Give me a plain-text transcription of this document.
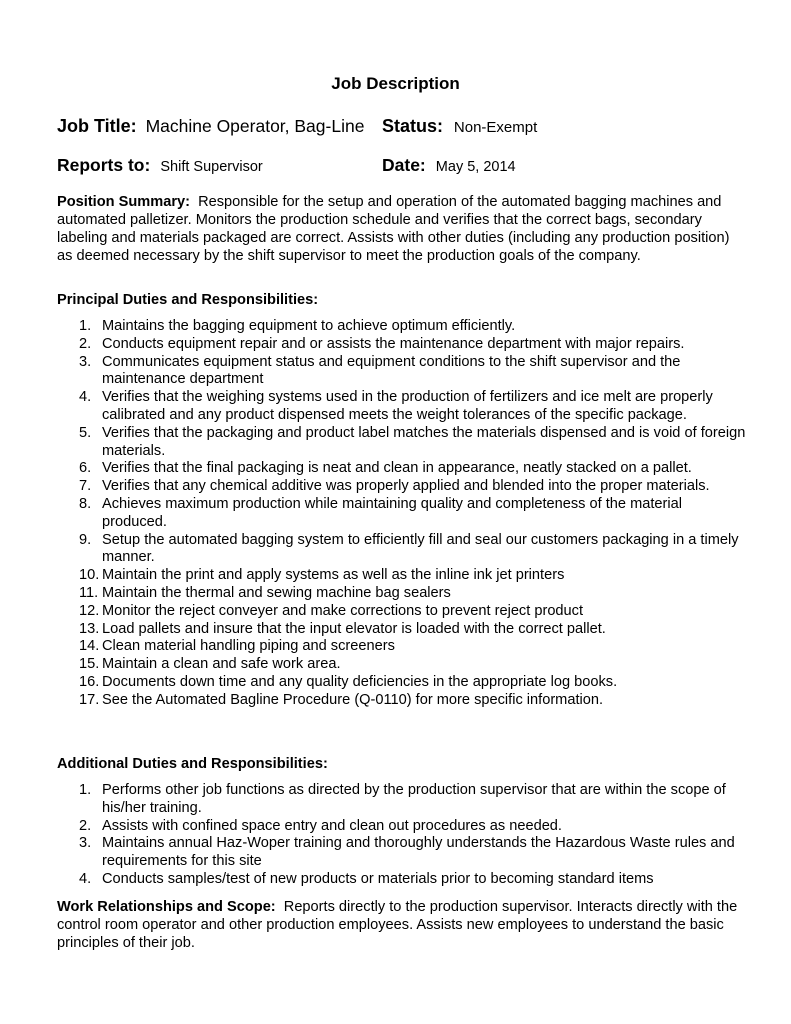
Job Description
Job Title: Machine Operator, Bag-Line Status: Non-Exempt
Reports to: Shift Supervisor	Date: May 5, 2014
Position Summary: Responsible for the setup and operation of the automated bagging machines and automated palletizer. Monitors the production schedule and verifies that the correct bags, secondary labeling and materials packaged are correct. Assists with other duties (including any production position) as deemed necessary by the shift supervisor to meet the production goals of the company.
Principal Duties and Responsibilities:
1. Maintains the bagging equipment to achieve optimum efficiently.
2. Conducts equipment repair and or assists the maintenance department with major repairs.
3. Communicates equipment status and equipment conditions to the shift supervisor and the maintenance department
4. Verifies that the weighing systems used in the production of fertilizers and ice melt are properly calibrated and any product dispensed meets the weight tolerances of the specific package.
5. Verifies that the packaging and product label matches the materials dispensed and is void of foreign materials.
6. Verifies that the final packaging is neat and clean in appearance, neatly stacked on a pallet.
7. Verifies that any chemical additive was properly applied and blended into the proper materials.
8. Achieves maximum production while maintaining quality and completeness of the material produced.
9. Setup the automated bagging system to efficiently fill and seal our customers packaging in a timely manner.
10. Maintain the print and apply systems as well as the inline ink jet printers
11. Maintain the thermal and sewing machine bag sealers
12. Monitor the reject conveyer and make corrections to prevent reject product
13. Load pallets and insure that the input elevator is loaded with the correct pallet.
14. Clean material handling piping and screeners
15. Maintain a clean and safe work area.
16. Documents down time and any quality deficiencies in the appropriate log books.
17. See the Automated Bagline Procedure (Q-0110) for more specific information.
Additional Duties and Responsibilities:
1. Performs other job functions as directed by the production supervisor that are within the scope of his/her training.
2. Assists with confined space entry and clean out procedures as needed.
3. Maintains annual Haz-Woper training and thoroughly understands the Hazardous Waste rules and requirements for this site
4. Conducts samples/test of new products or materials prior to becoming standard items
Work Relationships and Scope: Reports directly to the production supervisor. Interacts directly with the control room operator and other production employees. Assists new employees to understand the basic principles of their job.
